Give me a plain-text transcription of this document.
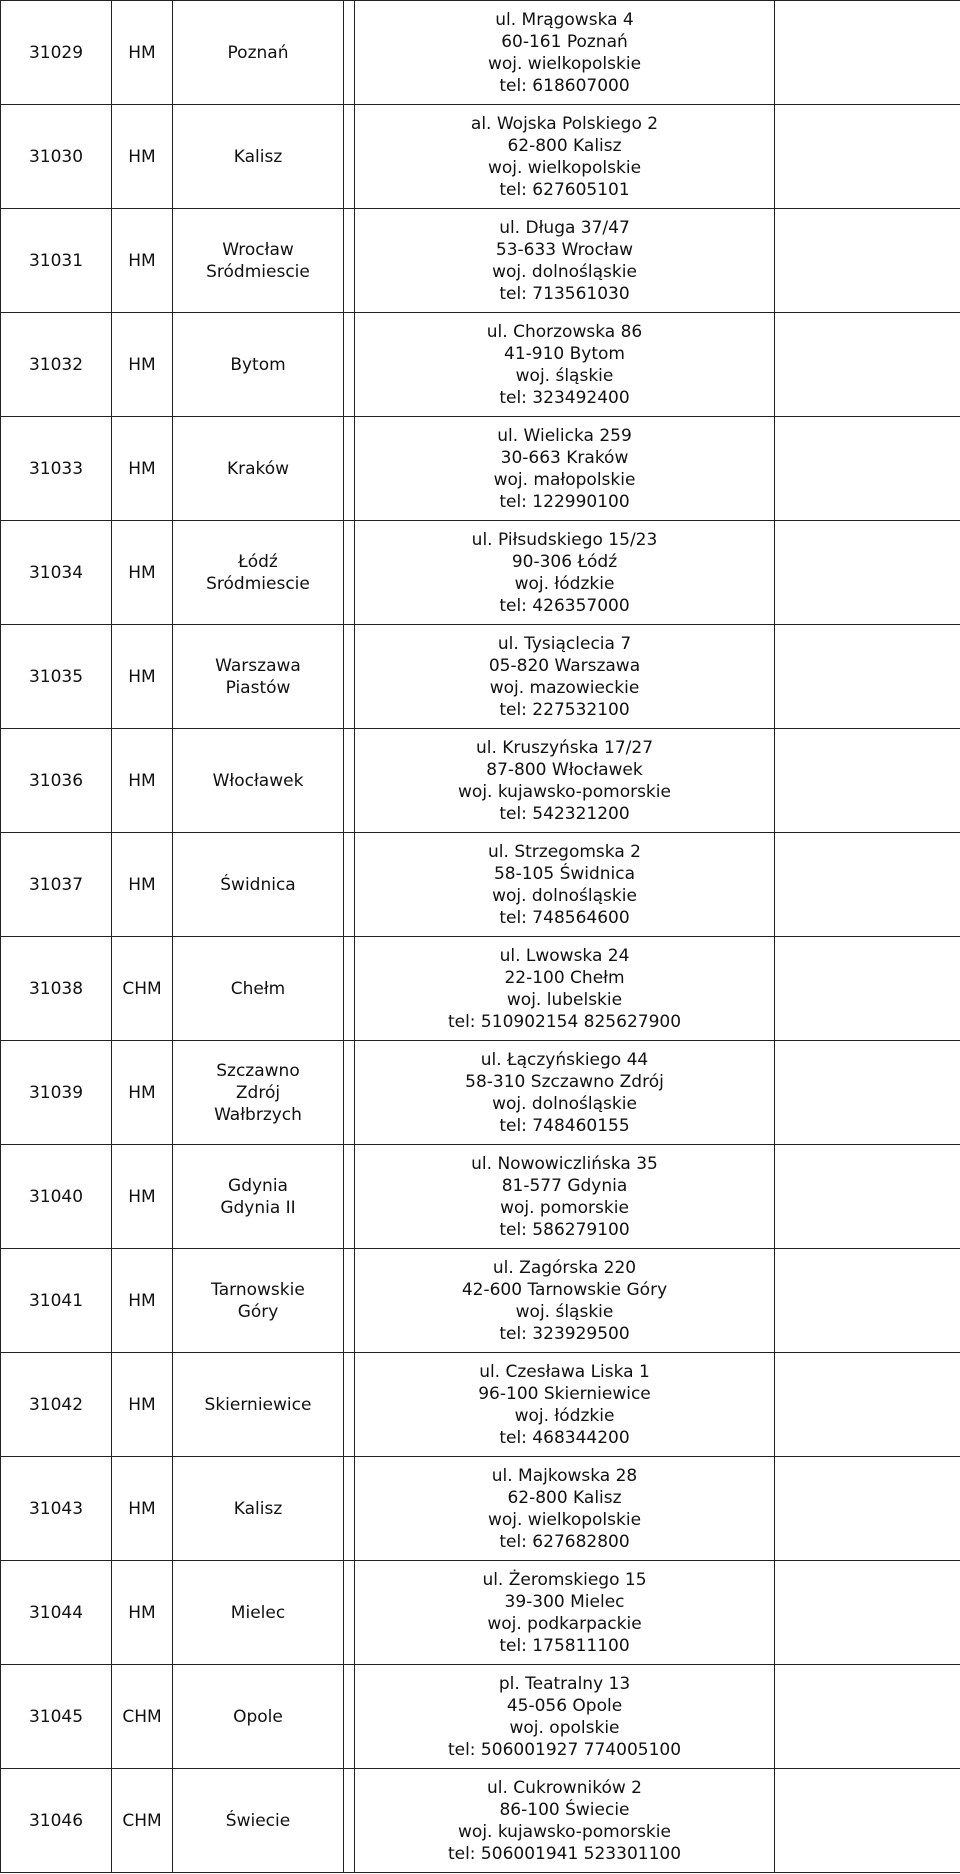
31029	HM	Poznań		ul. Mrągowska 4
60-161 Poznań
woj. wielkopolskie
tel: 618607000	

31030	HM	Kalisz		al. Wojska Polskiego 2
62-800 Kalisz
woj. wielkopolskie
tel: 627605101	

31031	HM	Wrocław
Sródmiescie		ul. Długa 37/47
53-633 Wrocław
woj. dolnośląskie
tel: 713561030	

31032	HM	Bytom		ul. Chorzowska 86
41-910 Bytom
woj. śląskie
tel: 323492400	

31033	HM	Kraków		ul. Wielicka 259
30-663 Kraków
woj. małopolskie
tel: 122990100	

31034	HM	Łódź
Sródmiescie		ul. Piłsudskiego 15/23
90-306 Łódź
woj. łódzkie
tel: 426357000	

31035	HM	Warszawa
Piastów		ul. Tysiąclecia 7
05-820 Warszawa
woj. mazowieckie
tel: 227532100	

31036	HM	Włocławek		ul. Kruszyńska 17/27
87-800 Włocławek
woj. kujawsko-pomorskie
tel: 542321200	

31037	HM	Świdnica		ul. Strzegomska 2
58-105 Świdnica
woj. dolnośląskie
tel: 748564600	

31038	CHM	Chełm		ul. Lwowska 24
22-100 Chełm
woj. lubelskie
tel: 510902154 825627900	

31039	HM	Szczawno
Zdrój
Wałbrzych		ul. Łączyńskiego 44
58-310 Szczawno Zdrój
woj. dolnośląskie
tel: 748460155	

31040	HM	Gdynia
Gdynia II		ul. Nowowiczlińska 35
81-577 Gdynia
woj. pomorskie
tel: 586279100	

31041	HM	Tarnowskie
Góry		ul. Zagórska 220
42-600 Tarnowskie Góry
woj. śląskie
tel: 323929500	

31042	HM	Skierniewice		ul. Czesława Liska 1
96-100 Skierniewice
woj. łódzkie
tel: 468344200	

31043	HM	Kalisz		ul. Majkowska 28
62-800 Kalisz
woj. wielkopolskie
tel: 627682800	

31044	HM	Mielec		ul. Żeromskiego 15
39-300 Mielec
woj. podkarpackie
tel: 175811100	

31045	CHM	Opole		pl. Teatralny 13
45-056 Opole
woj. opolskie
tel: 506001927 774005100	

31046	CHM	Świecie		ul. Cukrowników 2
86-100 Świecie
woj. kujawsko-pomorskie
tel: 506001941 523301100	
